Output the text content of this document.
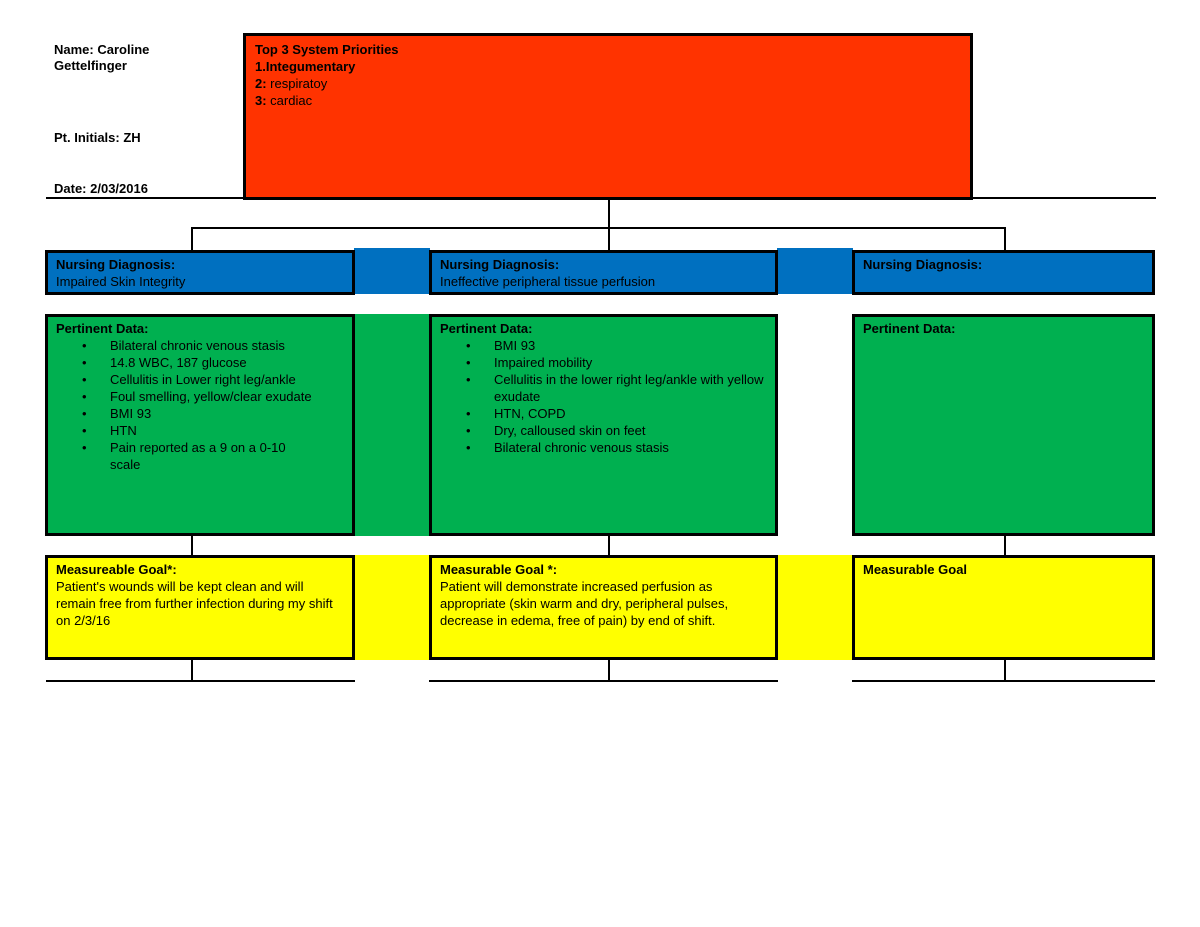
Name: Caroline
Gettelfinger
Pt. Initials: ZH
Date: 2/03/2016
Top 3 System Priorities
1.Integumentary
2: respiratoy
3: cardiac
Nursing Diagnosis:
Impaired Skin Integrity
Pertinent Data:
• Bilateral chronic venous stasis
• 14.8 WBC, 187 glucose
• Cellulitis in Lower right leg/ankle
• Foul smelling, yellow/clear exudate
• BMI 93
• HTN
• Pain reported as a 9 on a 0-10 scale
Measureable Goal*:
Patient's wounds will be kept clean and will remain free from further infection during my shift on 2/3/16
Nursing Diagnosis:
Ineffective peripheral tissue perfusion
Pertinent Data:
• BMI 93
• Impaired mobility
• Cellulitis in the lower right leg/ankle with yellow exudate
• HTN, COPD
• Dry, calloused skin on feet
• Bilateral chronic venous stasis
Measurable Goal *:
Patient will demonstrate increased perfusion as appropriate (skin warm and dry, peripheral pulses, decrease in edema, free of pain) by end of shift.
Nursing Diagnosis:
Pertinent Data:
Measurable Goal
